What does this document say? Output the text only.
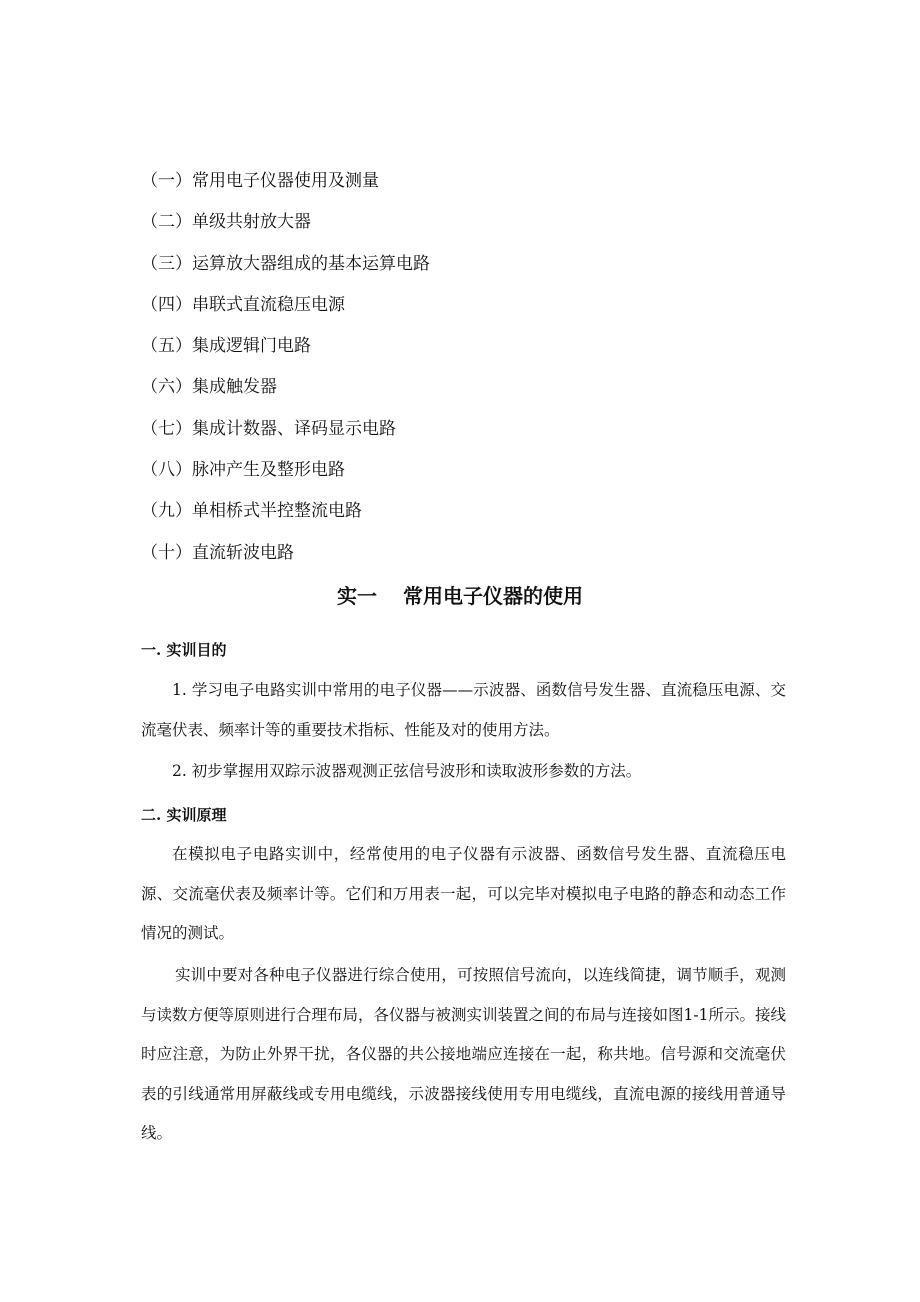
（一）常用电子仪器使用及测量
（二）单级共射放大器
（三）运算放大器组成的基本运算电路
（四）串联式直流稳压电源
（五）集成逻辑门电路
（六）集成触发器
（七）集成计数器、译码显示电路
（八）脉冲产生及整形电路
（九）单相桥式半控整流电路
（十）直流斩波电路
实一 常用电子仪器的使用
一. 实训目的

1. 学习电子电路实训中常用的电子仪器——示波器、函数信号发生器、直流稳压电源、交流毫伏表、频率计等的重要技术指标、性能及对的使用方法。

2. 初步掌握用双踪示波器观测正弦信号波形和读取波形参数的方法。

二. 实训原理

在模拟电子电路实训中，经常使用的电子仪器有示波器、函数信号发生器、直流稳压电源、交流毫伏表及频率计等。它们和万用表一起，可以完毕对模拟电子电路的静态和动态工作情况的测试。

实训中要对各种电子仪器进行综合使用，可按照信号流向，以连线简捷，调节顺手，观测与读数方便等原则进行合理布局，各仪器与被测实训装置之间的布局与连接如图1-1所示。接线时应注意，为防止外界干扰，各仪器的共公接地端应连接在一起，称共地。信号源和交流毫伏表的引线通常用屏蔽线或专用电缆线，示波器接线使用专用电缆线，直流电源的接线用普通导线。
